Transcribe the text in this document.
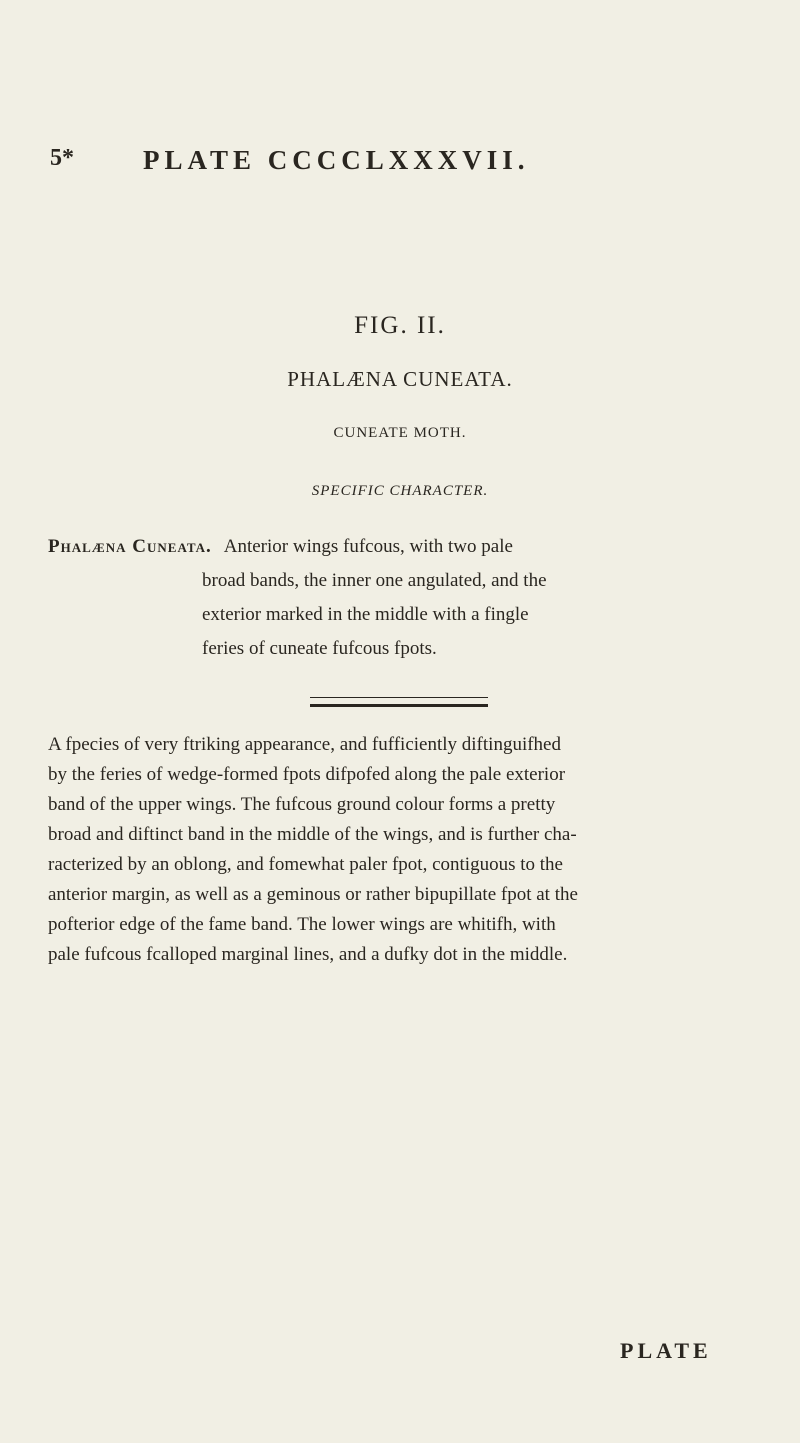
5*	PLATE CCCCLXXXVII.
FIG. II.
PHALÆNA CUNEATA.
CUNEATE MOTH.
SPECIFIC CHARACTER.
Phalæna Cuneata. Anterior wings fufcous, with two pale
broad bands, the inner one angulated, and the
exterior marked in the middle with a fingle
feries of cuneate fufcous fpots.
A fpecies of very ftriking appearance, and fufficiently diftinguifhed
by the feries of wedge-formed fpots difpofed along the pale exterior
band of the upper wings. The fufcous ground colour forms a pretty
broad and diftinct band in the middle of the wings, and is further cha-
racterized by an oblong, and fomewhat paler fpot, contiguous to the
anterior margin, as well as a geminous or rather bipupillate fpot at the
pofterior edge of the fame band. The lower wings are whitifh, with
pale fufcous fcalloped marginal lines, and a dufky dot in the middle.
PLATE
